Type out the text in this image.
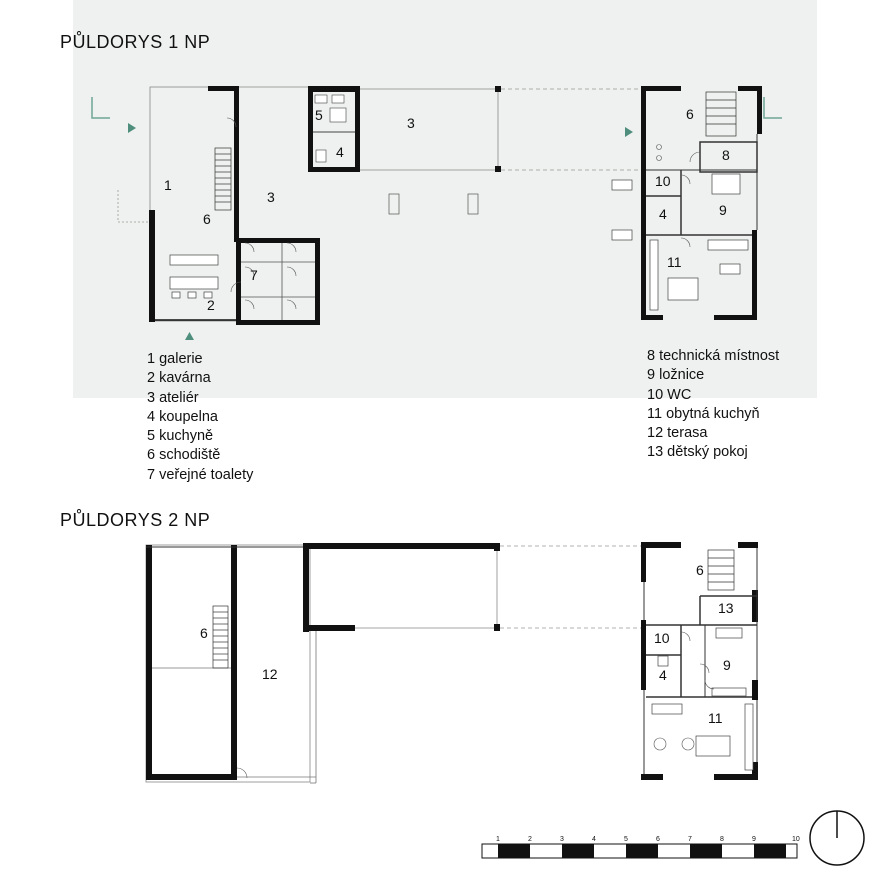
PŮLDORYS 1 NP
PŮLDORYS 2 NP
1 galerie
2 kavárna
3 ateliér
4 koupelna
5 kuchyně
6 schodiště
7 veřejné toalety
8 technická místnost
9 ložnice
10 WC
11 obytná kuchyň
12 terasa
13 dětský pokoj
1
2
3
3
4
4
5
6
6
7
8
9
10
11
6
6
12
13
10
4
9
11
1	2	3	4	5	6	7	8	9	10
